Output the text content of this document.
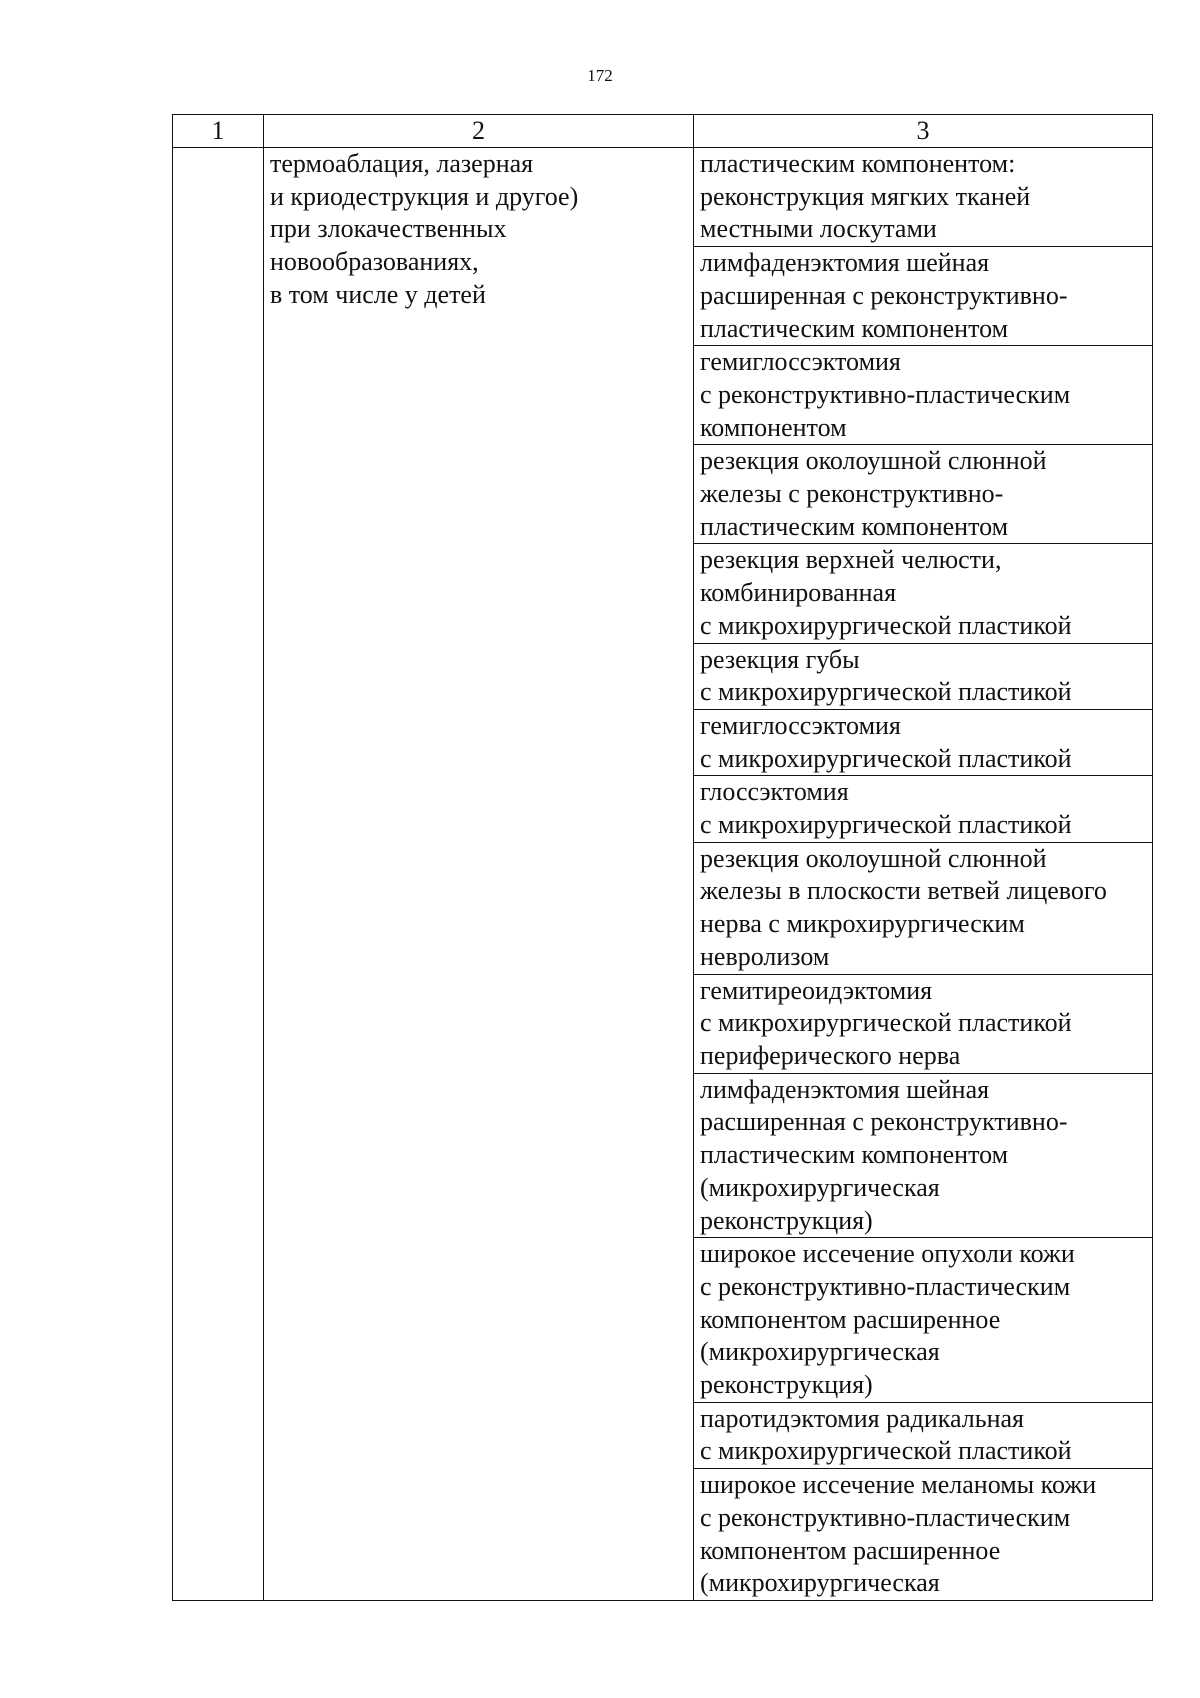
172
1	2	3

	термоаблация, лазерная
и криодеструкция и другое)
при злокачественных
новообразованиях,
в том числе у детей	пластическим компонентом:
реконструкция мягких тканей
местными лоскутами

		лимфаденэктомия шейная
расширенная с реконструктивно-
пластическим компонентом

		гемиглоссэктомия
с реконструктивно-пластическим
компонентом

		резекция околоушной слюнной
железы с реконструктивно-
пластическим компонентом

		резекция верхней челюсти,
комбинированная
с микрохирургической пластикой

		резекция губы
с микрохирургической пластикой

		гемиглоссэктомия
с микрохирургической пластикой

		глоссэктомия
с микрохирургической пластикой

		резекция околоушной слюнной
железы в плоскости ветвей лицевого
нерва с микрохирургическим
невролизом

		гемитиреоидэктомия
с микрохирургической пластикой
периферического нерва

		лимфаденэктомия шейная
расширенная с реконструктивно-
пластическим компонентом
(микрохирургическая
реконструкция)

		широкое иссечение опухоли кожи
с реконструктивно-пластическим
компонентом расширенное
(микрохирургическая
реконструкция)

		паротидэктомия радикальная
с микрохирургической пластикой

		широкое иссечение меланомы кожи
с реконструктивно-пластическим
компонентом расширенное
(микрохирургическая
